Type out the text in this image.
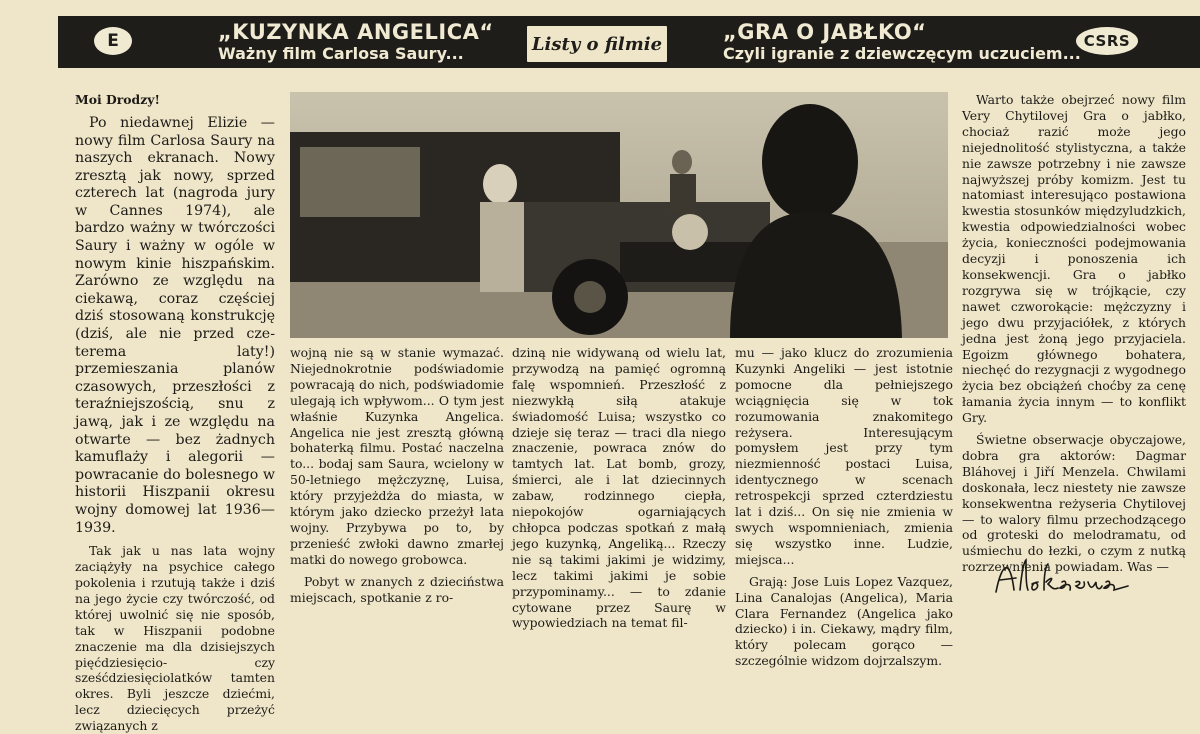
E	„KUZYNKA ANGELICA“
Ważny film Carlosa Saury...	Listy o filmie	„GRA O JABŁKO“
Czyli igranie z dziewczęcym uczuciem...
CSRS

Moi Drodzy!

Po niedawnej Elizie — nowy film Carlosa Saury na naszych ekranach. Nowy zresztą jak nowy, sprzed czterech lat (nagroda jury w Cannes 1974), ale bardzo ważny w twórczości Saury i ważny w ogóle w nowym kinie hiszpańskim. Zarówno ze względu na ciekawą, coraz częściej dziś stosowaną konstrukcję (dziś, ale nie przed czeterema laty!) przemieszania planów czasowych, przeszłości z teraźniejszością, snu z jawą, jak i ze względu na otwarte — bez żadnych kamuflaży i alegorii — powracanie do bolesnego w historii Hiszpanii okresu wojny domowej lat 1936—1939.

Tak jak u nas lata wojny zaciążyły na psychice całego pokolenia i rzutują także i dziś na jego życie czy twórczość, od której uwolnić się nie sposób, tak w Hiszpanii podobne znaczenie ma dla dzisiejszych pięćdziesięcio- czy sześćdziesięciolatków tamten okres. Byli jeszcze dziećmi, lecz dziecięcych przeżyć związanych z

wojną nie są w stanie wymazać. Niejednokrotnie podświadomie powracają do nich, podświadomie ulegają ich wpływom... O tym jest właśnie Kuzynka Angelica. Angelica nie jest zresztą główną bohaterką filmu. Postać naczelna to... bodaj sam Saura, wcielony w 50-letniego mężczyznę, Luisa, który przyjeżdża do miasta, w którym jako dziecko przeżył lata wojny. Przybywa po to, by przenieść zwłoki dawno zmarłej matki do nowego grobowca.

Pobyt w znanych z dzieciństwa miejscach, spotkanie z ro-

dziną nie widywaną od wielu lat, przywodzą na pamięć ogromną falę wspomnień. Przeszłość z niezwykłą siłą atakuje świadomość Luisa; wszystko co dzieje się teraz — traci dla niego znaczenie, powraca znów do tamtych lat. Lat bomb, grozy, śmierci, ale i lat dziecinnych zabaw, rodzinnego ciepła, niepokojów ogarniających chłopca podczas spotkań z małą jego kuzynką, Angeliką... Rzeczy nie są takimi jakimi je widzimy, lecz takimi jakimi je sobie przypominamy... — to zdanie cytowane przez Saurę w wypowiedziach na temat fil-

mu — jako klucz do zrozumienia Kuzynki Angeliki — jest istotnie pomocne dla pełniejszego wciągnięcia się w tok rozumowania znakomitego reżysera. Interesującym pomysłem jest przy tym niezmienność postaci Luisa, identycznego w scenach retrospekcji sprzed czterdziestu lat i dziś... On się nie zmienia w swych wspomnieniach, zmienia się wszystko inne. Ludzie, miejsca...

Grają: Jose Luis Lopez Vazquez, Lina Canalojas (Angelica), Maria Clara Fernandez (Angelica jako dziecko) i in. Ciekawy, mądry film, który polecam gorąco — szczególnie widzom dojrzalszym.

Warto także obejrzeć nowy film Very Chytilovej Gra o jabłko, chociaż razić może jego niejednolitość stylistyczna, a także nie zawsze potrzebny i nie zawsze najwyższej próby komizm. Jest tu natomiast interesująco postawiona kwestia stosunków międzyludzkich, kwestia odpowiedzialności wobec życia, konieczności podejmowania decyzji i ponoszenia ich konsekwencji. Gra o jabłko rozgrywa się w trójkącie, czy nawet czworokącie: mężczyzny i jego dwu przyjaciółek, z których jedna jest żoną jego przyjaciela. Egoizm głównego bohatera, niechęć do rezygnacji z wygodnego życia bez obciążeń choćby za cenę łamania życia innym — to konflikt Gry.

Świetne obserwacje obyczajowe, dobra gra aktorów: Dagmar Bláhovej i Jiří Menzela. Chwilami doskonała, lecz niestety nie zawsze konsekwentna reżyseria Chytilovej — to walory filmu przechodzącego od groteski do melodramatu, od uśmiechu do łezki, o czym z nutką rozrzewnienia powiadam. Was —
